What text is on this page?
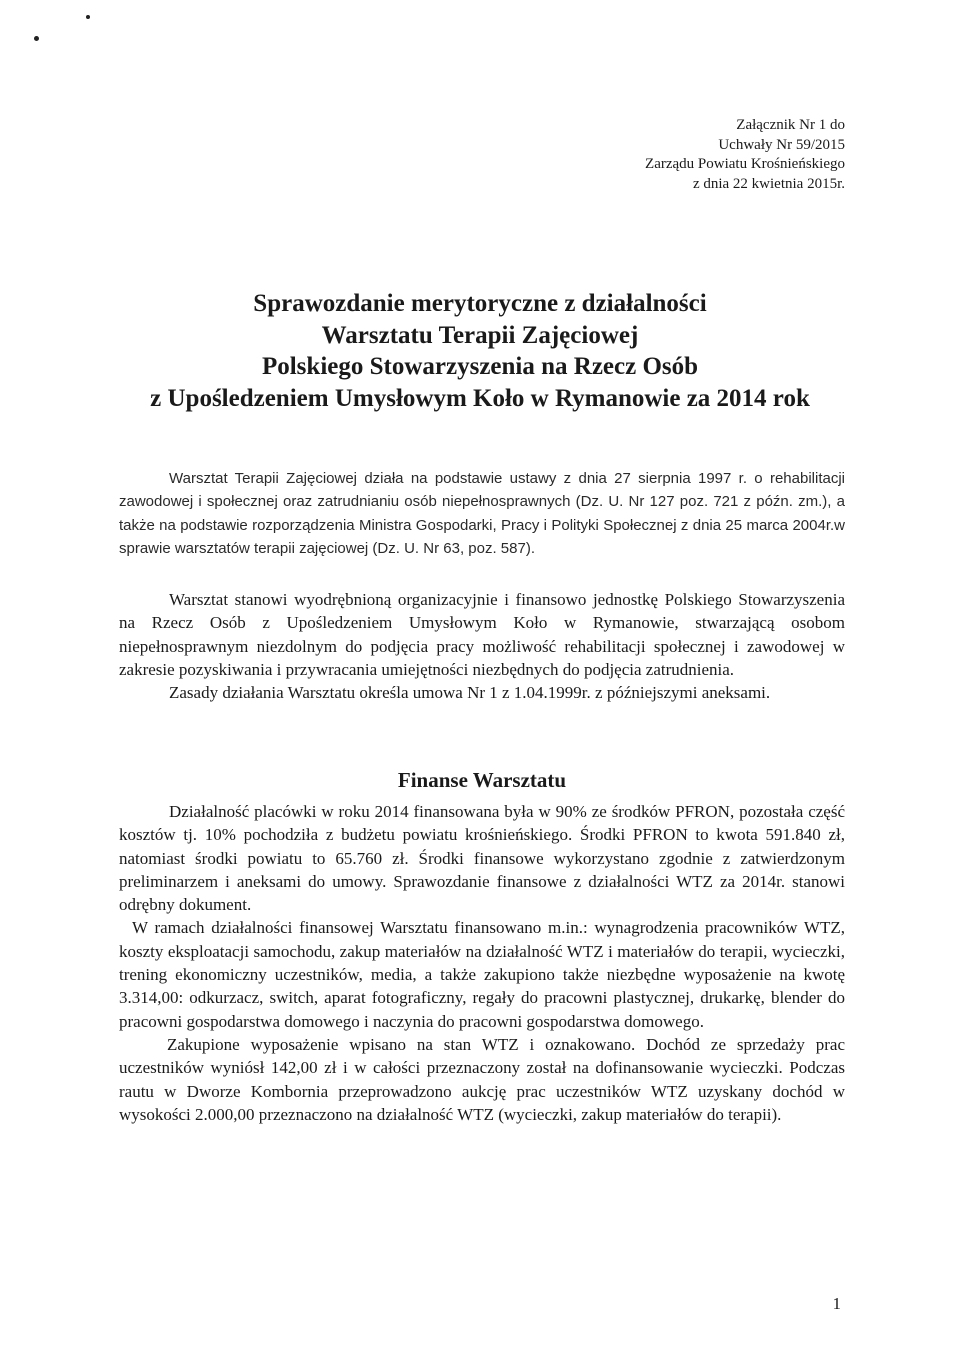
Załącznik Nr 1 do
Uchwały Nr 59/2015
Zarządu Powiatu Krośnieńskiego
z dnia 22 kwietnia 2015r.
Sprawozdanie merytoryczne z działalności
Warsztatu Terapii Zajęciowej
Polskiego Stowarzyszenia na Rzecz Osób
z Upośledzeniem Umysłowym Koło w Rymanowie za 2014 rok

Warsztat Terapii Zajęciowej działa na podstawie ustawy z dnia 27 sierpnia 1997 r. o rehabilitacji zawodowej i społecznej oraz zatrudnianiu osób niepełnosprawnych (Dz. U. Nr 127 poz. 721 z późn. zm.), a także na podstawie rozporządzenia Ministra Gospodarki, Pracy i Polityki Społecznej z dnia 25 marca 2004r.w sprawie warsztatów terapii zajęciowej (Dz. U. Nr 63, poz. 587).

Warsztat stanowi wyodrębnioną organizacyjnie i finansowo jednostkę Polskiego Stowarzyszenia na Rzecz Osób z Upośledzeniem Umysłowym Koło w Rymanowie, stwarzającą osobom niepełnosprawnym niezdolnym do podjęcia pracy możliwość rehabilitacji społecznej i zawodowej w zakresie pozyskiwania i przywracania umiejętności niezbędnych do podjęcia zatrudnienia.

Zasady działania Warsztatu określa umowa Nr 1 z 1.04.1999r. z późniejszymi aneksami.

Finanse Warsztatu

Działalność placówki w roku 2014 finansowana była w 90% ze środków PFRON, pozostała część kosztów tj. 10% pochodziła z budżetu powiatu krośnieńskiego. Środki PFRON to kwota 591.840 zł, natomiast środki powiatu to 65.760 zł. Środki finansowe wykorzystano zgodnie z zatwierdzonym preliminarzem i aneksami do umowy. Sprawozdanie finansowe z działalności WTZ za 2014r. stanowi odrębny dokument.

W ramach działalności finansowej Warsztatu finansowano m.in.: wynagrodzenia pracowników WTZ, koszty eksploatacji samochodu, zakup materiałów na działalność WTZ i materiałów do terapii, wycieczki, trening ekonomiczny uczestników, media, a także zakupiono także niezbędne wyposażenie na kwotę 3.314,00: odkurzacz, switch, aparat fotograficzny, regały do pracowni plastycznej, drukarkę, blender do pracowni gospodarstwa domowego i naczynia do pracowni gospodarstwa domowego.

Zakupione wyposażenie wpisano na stan WTZ i oznakowano. Dochód ze sprzedaży prac uczestników wyniósł 142,00 zł i w całości przeznaczony został na dofinansowanie wycieczki. Podczas rautu w Dworze Kombornia przeprowadzono aukcję prac uczestników WTZ uzyskany dochód w wysokości 2.000,00 przeznaczono na działalność WTZ (wycieczki, zakup materiałów do terapii).

1
